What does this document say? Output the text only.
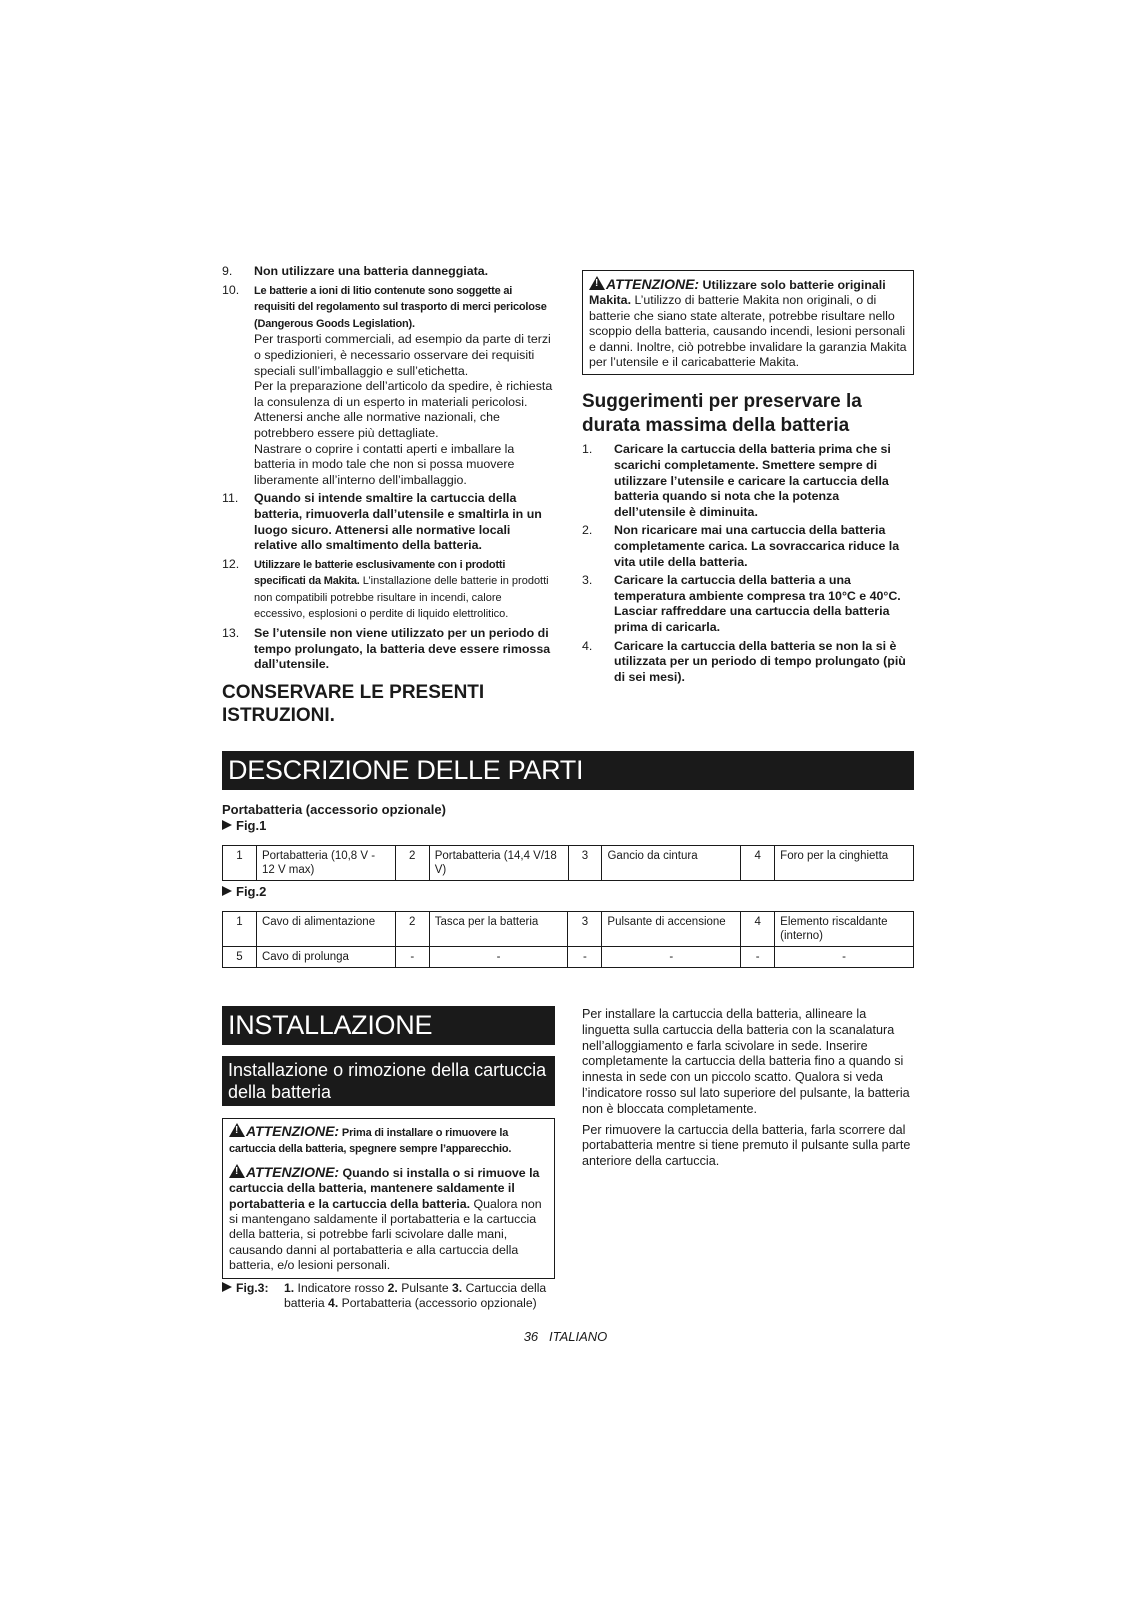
9. Non utilizzare una batteria danneggiata.
10. Le batterie a ioni di litio contenute sono soggette ai requisiti del regolamento sul trasporto di merci pericolose (Dangerous Goods Legislation).
Per trasporti commerciali, ad esempio da parte di terzi o spedizionieri, è necessario osservare dei requisiti speciali sull’imballaggio e sull’etichetta.
Per la preparazione dell’articolo da spedire, è richiesta la consulenza di un esperto in materiali pericolosi. Attenersi anche alle normative nazionali, che potrebbero essere più dettagliate.
Nastrare o coprire i contatti aperti e imballare la batteria in modo tale che non si possa muovere liberamente all’interno dell’imballaggio.
11. Quando si intende smaltire la cartuccia della batteria, rimuoverla dall’utensile e smaltirla in un luogo sicuro. Attenersi alle normative locali relative allo smaltimento della batteria.
12. Utilizzare le batterie esclusivamente con i prodotti specificati da Makita. L’installazione delle batterie in prodotti non compatibili potrebbe risultare in incendi, calore eccessivo, esplosioni o perdite di liquido elettrolitico.
13. Se l’utensile non viene utilizzato per un periodo di tempo prolungato, la batteria deve essere rimossa dall’utensile.
CONSERVARE LE PRESENTI ISTRUZIONI.
!ATTENZIONE: Utilizzare solo batterie originali Makita. L’utilizzo di batterie Makita non originali, o di batterie che siano state alterate, potrebbe risultare nello scoppio della batteria, causando incendi, lesioni personali e danni. Inoltre, ciò potrebbe invalidare la garanzia Makita per l’utensile e il caricabatterie Makita.
Suggerimenti per preservare la durata massima della batteria
1. Caricare la cartuccia della batteria prima che si scarichi completamente. Smettere sempre di utilizzare l’utensile e caricare la cartuccia della batteria quando si nota che la potenza dell’utensile è diminuita.
2. Non ricaricare mai una cartuccia della batteria completamente carica. La sovraccarica riduce la vita utile della batteria.
3. Caricare la cartuccia della batteria a una temperatura ambiente compresa tra 10°C e 40°C. Lasciar raffreddare una cartuccia della batteria prima di caricarla.
4. Caricare la cartuccia della batteria se non la si è utilizzata per un periodo di tempo prolungato (più di sei mesi).
DESCRIZIONE DELLE PARTI
Portabatteria (accessorio opzionale)
Fig.1
1	Portabatteria (10,8 V - 12 V max)	2	Portabatteria (14,4 V/18 V)	3	Gancio da cintura	4	Foro per la cinghietta
Fig.2
1	Cavo di alimentazione	2	Tasca per la batteria	3	Pulsante di accensione	4	Elemento riscaldante (interno)
5	Cavo di prolunga	-	-	-	-	-	-
INSTALLAZIONE
Installazione o rimozione della cartuccia della batteria
!ATTENZIONE: Prima di installare o rimuovere la cartuccia della batteria, spegnere sempre l’apparecchio.
!ATTENZIONE: Quando si installa o si rimuove la cartuccia della batteria, mantenere saldamente il portabatteria e la cartuccia della batteria. Qualora non si mantengano saldamente il portabatteria e la cartuccia della batteria, si potrebbe farli scivolare dalle mani, causando danni al portabatteria e alla cartuccia della batteria, e/o lesioni personali.
Fig.3:	1. Indicatore rosso 2. Pulsante 3. Cartuccia della batteria 4. Portabatteria (accessorio opzionale)

Per installare la cartuccia della batteria, allineare la linguetta sulla cartuccia della batteria con la scanalatura nell’alloggiamento e farla scivolare in sede. Inserire completamente la cartuccia della batteria fino a quando si innesta in sede con un piccolo scatto. Qualora si veda l’indicatore rosso sul lato superiore del pulsante, la batteria non è bloccata completamente.

Per rimuovere la cartuccia della batteria, farla scorrere dal portabatteria mentre si tiene premuto il pulsante sulla parte anteriore della cartuccia.

36 ITALIANO
